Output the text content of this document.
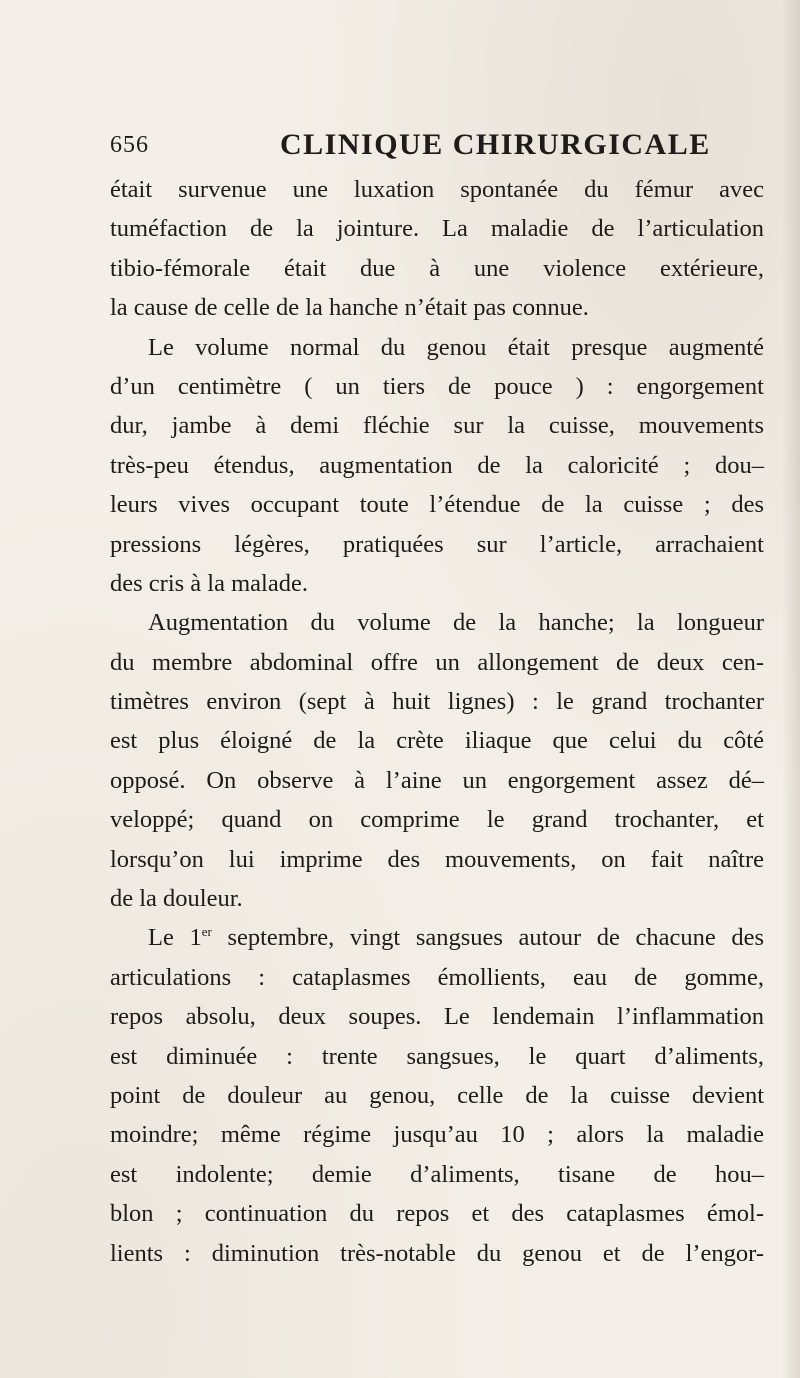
656	CLINIQUE CHIRURGICALE
était survenue une luxation spontanée du fémur avec
tuméfaction de la jointure. La maladie de l’articulation
tibio-fémorale était due à une violence extérieure,
la cause de celle de la hanche n’était pas connue.
Le volume normal du genou était presque augmenté
d’un centimètre ( un tiers de pouce ) : engorgement
dur, jambe à demi fléchie sur la cuisse, mouvements
très-peu étendus, augmentation de la caloricité ; dou–
leurs vives occupant toute l’étendue de la cuisse ; des
pressions légères, pratiquées sur l’article, arrachaient
des cris à la malade.
Augmentation du volume de la hanche; la longueur
du membre abdominal offre un allongement de deux cen-
timètres environ (sept à huit lignes) : le grand trochanter
est plus éloigné de la crète iliaque que celui du côté
opposé. On observe à l’aine un engorgement assez dé–
veloppé; quand on comprime le grand trochanter, et
lorsqu’on lui imprime des mouvements, on fait naître
de la douleur.
Le 1er septembre, vingt sangsues autour de chacune des
articulations : cataplasmes émollients, eau de gomme,
repos absolu, deux soupes. Le lendemain l’inflammation
est diminuée : trente sangsues, le quart d’aliments,
point de douleur au genou, celle de la cuisse devient
moindre; même régime jusqu’au 10 ; alors la maladie
est indolente; demie d’aliments, tisane de hou–
blon ; continuation du repos et des cataplasmes émol-
lients : diminution très-notable du genou et de l’engor-
